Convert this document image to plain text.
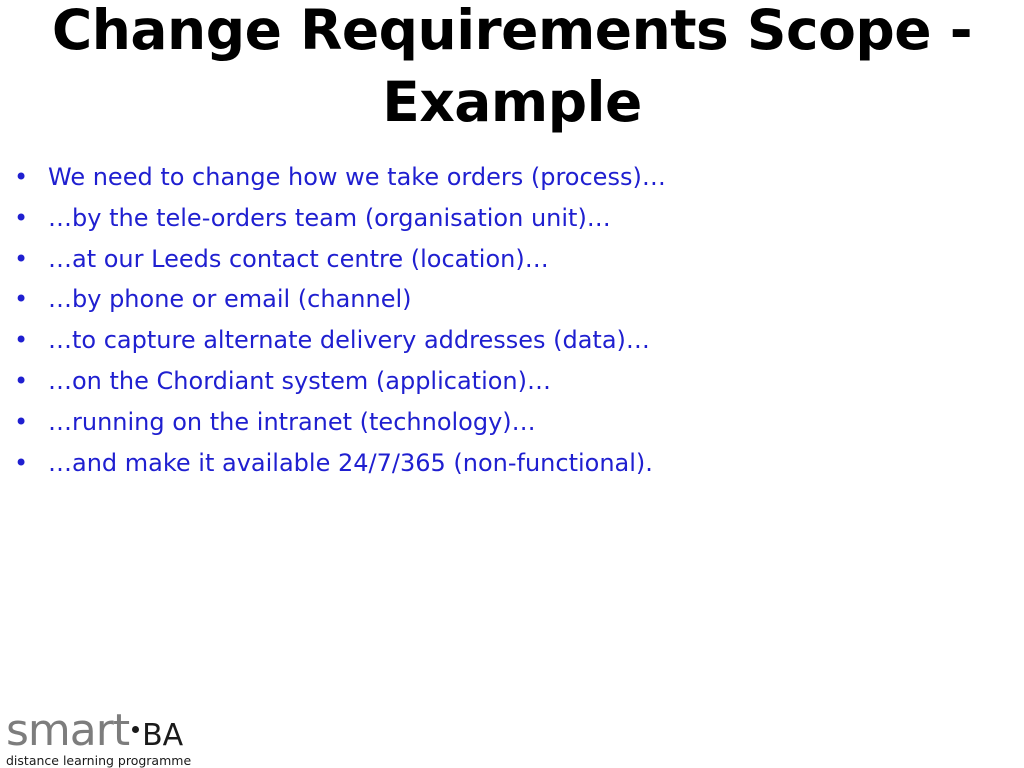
Change Requirements Scope - Example
• We need to change how we take orders (process)…
• …by the tele-orders team (organisation unit)…
• …at our Leeds contact centre (location)…
• …by phone or email (channel)
• …to capture alternate delivery addresses (data)…
• …on the Chordiant system (application)…
• …running on the intranet (technology)…
• …and make it available 24/7/365 (non-functional).
smart BA
distance learning programme
